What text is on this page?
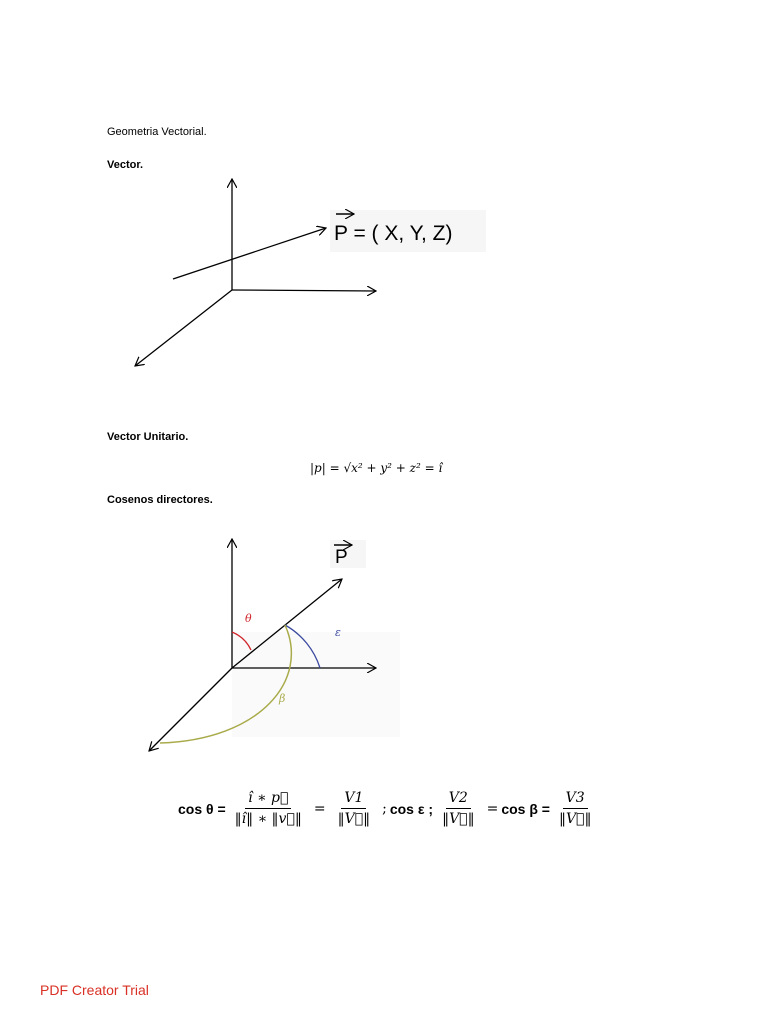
Geometria Vectorial.
Vector.
P = ( X, Y, Z)
P
θ
ε
β
Vector Unitario.
|p| = √x² + y² + z² = î
Cosenos directores.
$\cos \theta = \frac{î ∗ p⃗}{‖î‖ ∗ ‖v⃗‖} = \frac{V1}{‖V⃗‖}$ ; cos ε ; $\frac{V2}{‖V⃗‖} = \cos \beta = \frac{V3}{‖V⃗‖}$
PDF Creator Trial
